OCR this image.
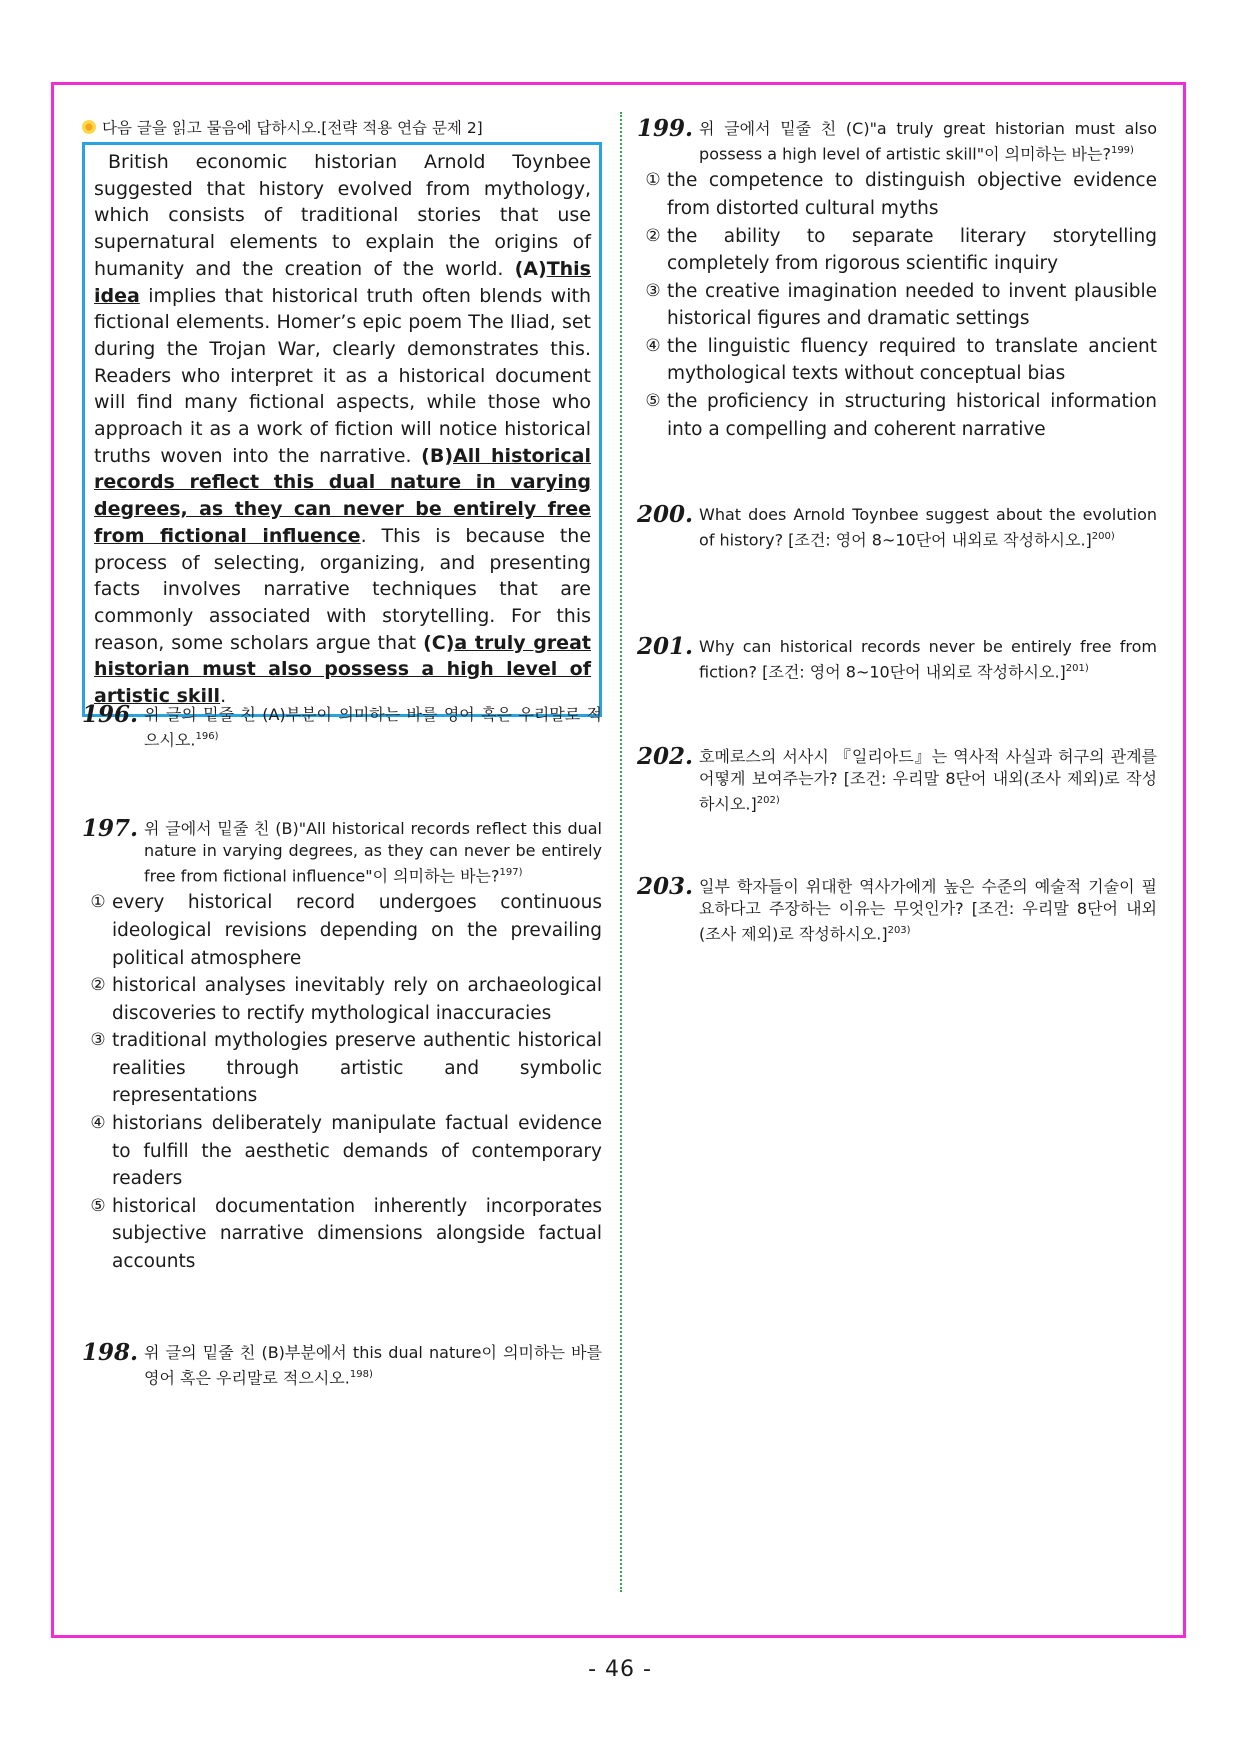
다음 글을 읽고 물음에 답하시오.[전략 적용 연습 문제 2]
British economic historian Arnold Toynbee suggested that history evolved from mythology, which consists of traditional stories that use supernatural elements to explain the origins of humanity and the creation of the world. (A)This idea implies that historical truth often blends with fictional elements. Homer’s epic poem The Iliad, set during the Trojan War, clearly demonstrates this. Readers who interpret it as a historical document will find many fictional aspects, while those who approach it as a work of fiction will notice historical truths woven into the narrative. (B)All historical records reflect this dual nature in varying degrees, as they can never be entirely free from fictional influence. This is because the process of selecting, organizing, and presenting facts involves narrative techniques that are commonly associated with storytelling. For this reason, some scholars argue that (C)a truly great historian must also possess a high level of artistic skill.
196. 위 글의 밑줄 친 (A)부분이 의미하는 바를 영어 혹은 우리말로 적으시오.$^{196)}$
197. 위 글에서 밑줄 친 (B)"All historical records reflect this dual nature in varying degrees, as they can never be entirely free from fictional influence"이 의미하는 바는?$^{197)}$
① every historical record undergoes continuous ideological revisions depending on the prevailing political atmosphere
② historical analyses inevitably rely on archaeological discoveries to rectify mythological inaccuracies
③ traditional mythologies preserve authentic historical realities through artistic and symbolic representations
④ historians deliberately manipulate factual evidence to fulfill the aesthetic demands of contemporary readers
⑤ historical documentation inherently incorporates subjective narrative dimensions alongside factual accounts
198. 위 글의 밑줄 친 (B)부분에서 this dual nature이 의미하는 바를 영어 혹은 우리말로 적으시오.$^{198)}$
199. 위 글에서 밑줄 친 (C)"a truly great historian must also possess a high level of artistic skill"이 의미하는 바는?$^{199)}$
① the competence to distinguish objective evidence from distorted cultural myths
② the ability to separate literary storytelling completely from rigorous scientific inquiry
③ the creative imagination needed to invent plausible historical figures and dramatic settings
④ the linguistic fluency required to translate ancient mythological texts without conceptual bias
⑤ the proficiency in structuring historical information into a compelling and coherent narrative
200. What does Arnold Toynbee suggest about the evolution of history? [조건: 영어 8~10단어 내외로 작성하시오.]$^{200)}$
201. Why can historical records never be entirely free from fiction? [조건: 영어 8~10단어 내외로 작성하시오.]$^{201)}$
202. 호메로스의 서사시 『일리아드』는 역사적 사실과 허구의 관계를 어떻게 보여주는가? [조건: 우리말 8단어 내외(조사 제외)로 작성하시오.]$^{202)}$
203. 일부 학자들이 위대한 역사가에게 높은 수준의 예술적 기술이 필요하다고 주장하는 이유는 무엇인가? [조건: 우리말 8단어 내외(조사 제외)로 작성하시오.]$^{203)}$
- 46 -
